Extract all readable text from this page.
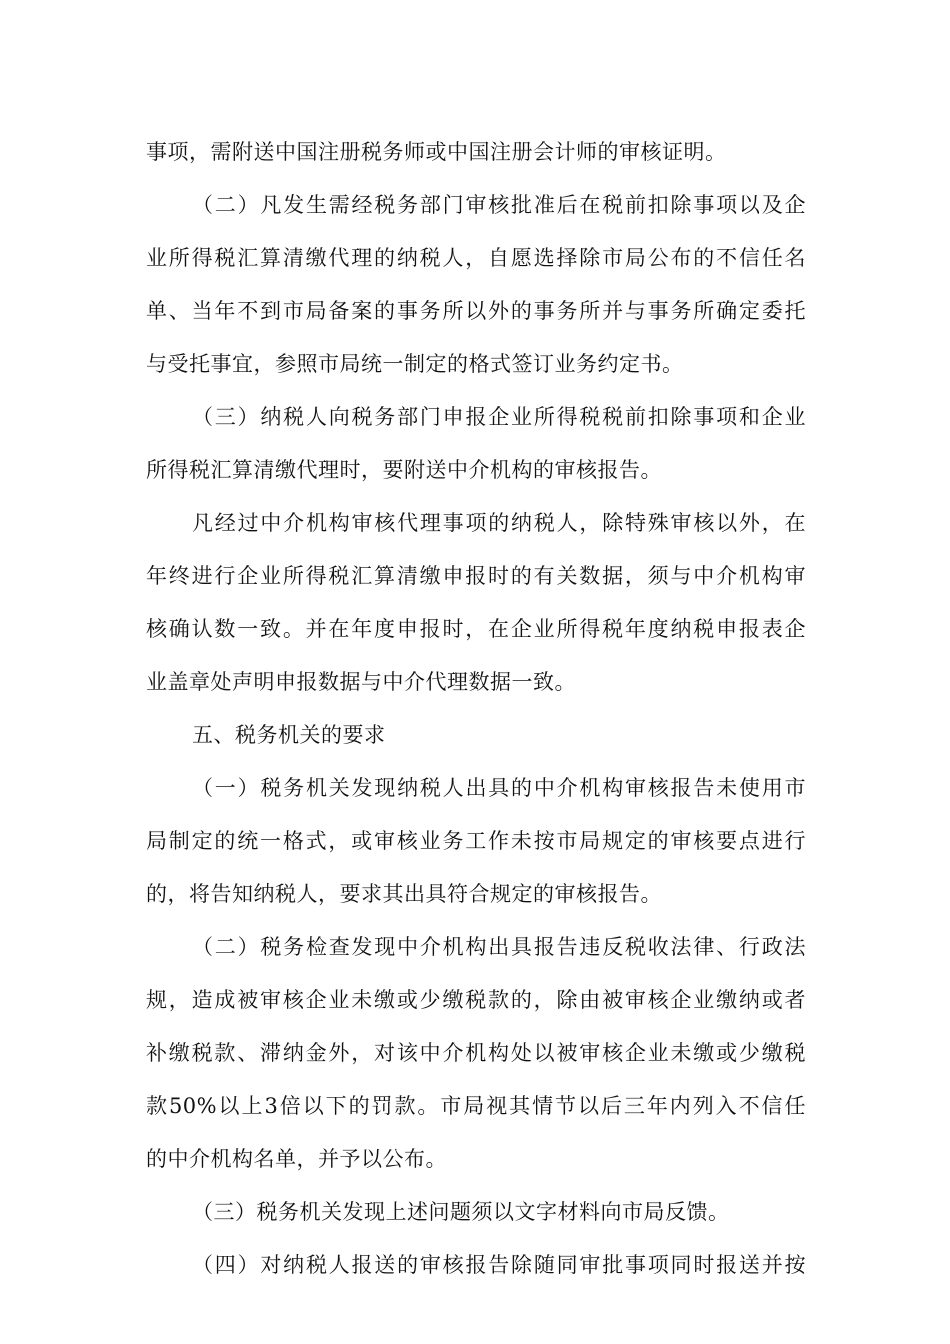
事项，需附送中国注册税务师或中国注册会计师的审核证明。
（二）凡发生需经税务部门审核批准后在税前扣除事项以及企
业所得税汇算清缴代理的纳税人，自愿选择除市局公布的不信任名
单、当年不到市局备案的事务所以外的事务所并与事务所确定委托
与受托事宜，参照市局统一制定的格式签订业务约定书。
（三）纳税人向税务部门申报企业所得税税前扣除事项和企业
所得税汇算清缴代理时，要附送中介机构的审核报告。
凡经过中介机构审核代理事项的纳税人，除特殊审核以外，在
年终进行企业所得税汇算清缴申报时的有关数据，须与中介机构审
核确认数一致。并在年度申报时，在企业所得税年度纳税申报表企
业盖章处声明申报数据与中介代理数据一致。
五、税务机关的要求
（一）税务机关发现纳税人出具的中介机构审核报告未使用市
局制定的统一格式，或审核业务工作未按市局规定的审核要点进行
的，将告知纳税人，要求其出具符合规定的审核报告。
（二）税务检查发现中介机构出具报告违反税收法律、行政法
规，造成被审核企业未缴或少缴税款的，除由被审核企业缴纳或者
补缴税款、滞纳金外，对该中介机构处以被审核企业未缴或少缴税
款50%以上3倍以下的罚款。市局视其情节以后三年内列入不信任
的中介机构名单，并予以公布。
（三）税务机关发现上述问题须以文字材料向市局反馈。
（四）对纳税人报送的审核报告除随同审批事项同时报送并按
